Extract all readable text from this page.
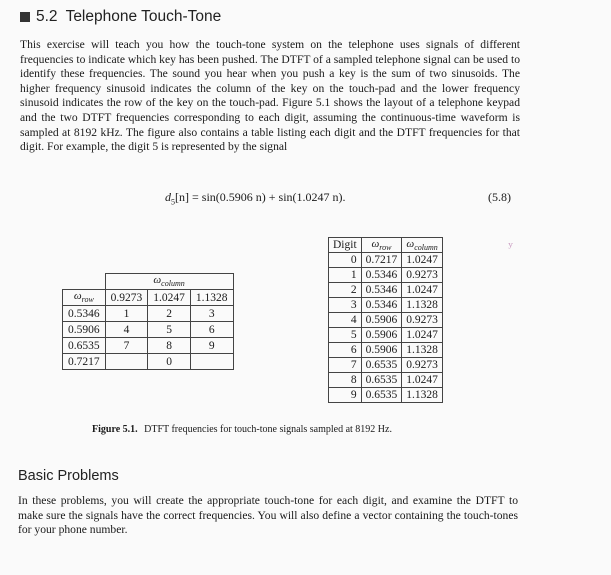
5.2 Telephone Touch-Tone

This exercise will teach you how the touch-tone system on the telephone uses signals of different frequencies to indicate which key has been pushed. The DTFT of a sampled telephone signal can be used to identify these frequencies. The sound you hear when you push a key is the sum of two sinusoids. The higher frequency sinusoid indicates the column of the key on the touch-pad and the lower frequency sinusoid indicates the row of the key on the touch-pad. Figure 5.1 shows the layout of a telephone keypad and the two DTFT frequencies corresponding to each digit, assuming the continuous-time waveform is sampled at 8192 kHz. The figure also contains a table listing each digit and the DTFT frequencies for that digit. For example, the digit 5 is represented by the signal

$d_5[n] = \sin(0.5906$ n) + sin(1.0247 n).	(5.8)
	$\omega_{column}$
$\omega_{row}$	0.9273	1.0247	1.1328
0.5346	1	2	3
0.5906	4	5	6
0.6535	7	8	9
0.7217		0	
Digit	$\omega_{row}$	$\omega_{column}$
0	0.7217	1.0247
1	0.5346	0.9273
2	0.5346	1.0247
3	0.5346	1.1328
4	0.5906	0.9273
5	0.5906	1.0247
6	0.5906	1.1328
7	0.6535	0.9273
8	0.6535	1.0247
9	0.6535	1.1328
ʸ
Figure 5.1. DTFT frequencies for touch-tone signals sampled at 8192 Hz.
Basic Problems

In these problems, you will create the appropriate touch-tone for each digit, and examine the DTFT to make sure the signals have the correct frequencies. You will also define a vector containing the touch-tones for your phone number.
